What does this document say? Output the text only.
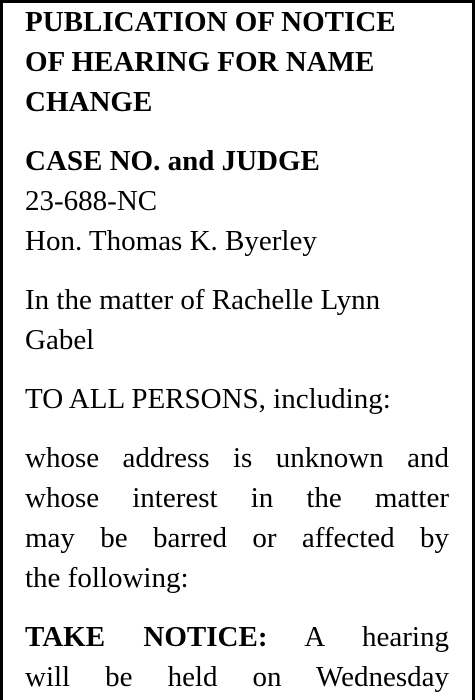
PUBLICATION OF NOTICE
OF HEARING FOR NAME
CHANGE
CASE NO. and JUDGE
23-688-NC
Hon. Thomas K. Byerley
In the matter of Rachelle Lynn
Gabel
TO ALL PERSONS, including:
whose address is unknown and
whose interest in the matter
may be barred or affected by
the following:
TAKE NOTICE: A hearing
will be held on Wednesday
